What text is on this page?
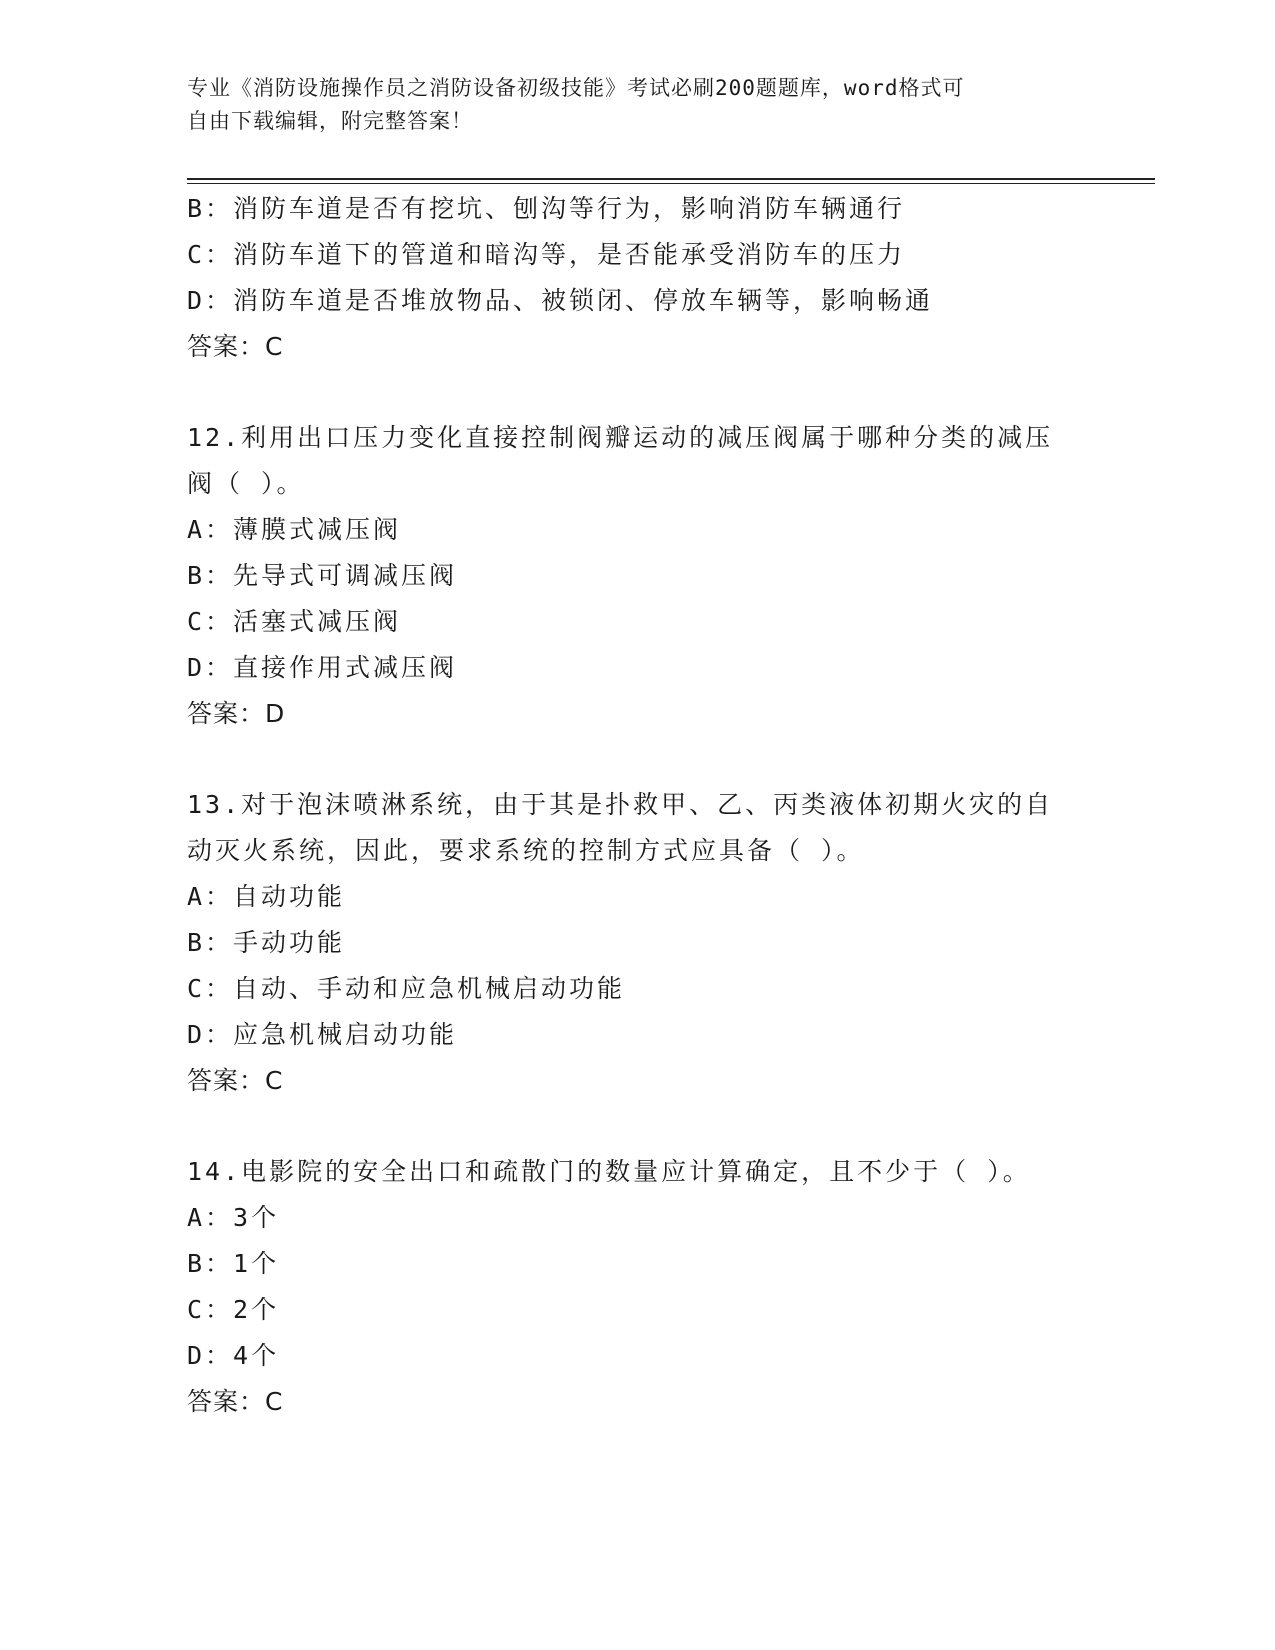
专业《消防设施操作员之消防设备初级技能》考试必刷200题题库，word格式可
自由下载编辑，附完整答案！
B：消防车道是否有挖坑、刨沟等行为，影响消防车辆通行
C：消防车道下的管道和暗沟等，是否能承受消防车的压力
D：消防车道是否堆放物品、被锁闭、停放车辆等，影响畅通
答案：C
12.利用出口压力变化直接控制阀瓣运动的减压阀属于哪种分类的减压
阀（ ）。
A：薄膜式减压阀
B：先导式可调减压阀
C：活塞式减压阀
D：直接作用式减压阀
答案：D
13.对于泡沫喷淋系统，由于其是扑救甲、乙、丙类液体初期火灾的自
动灭火系统，因此，要求系统的控制方式应具备（ ）。
A：自动功能
B：手动功能
C：自动、手动和应急机械启动功能
D：应急机械启动功能
答案：C
14.电影院的安全出口和疏散门的数量应计算确定，且不少于（ ）。
A：3个
B：1个
C：2个
D：4个
答案：C
